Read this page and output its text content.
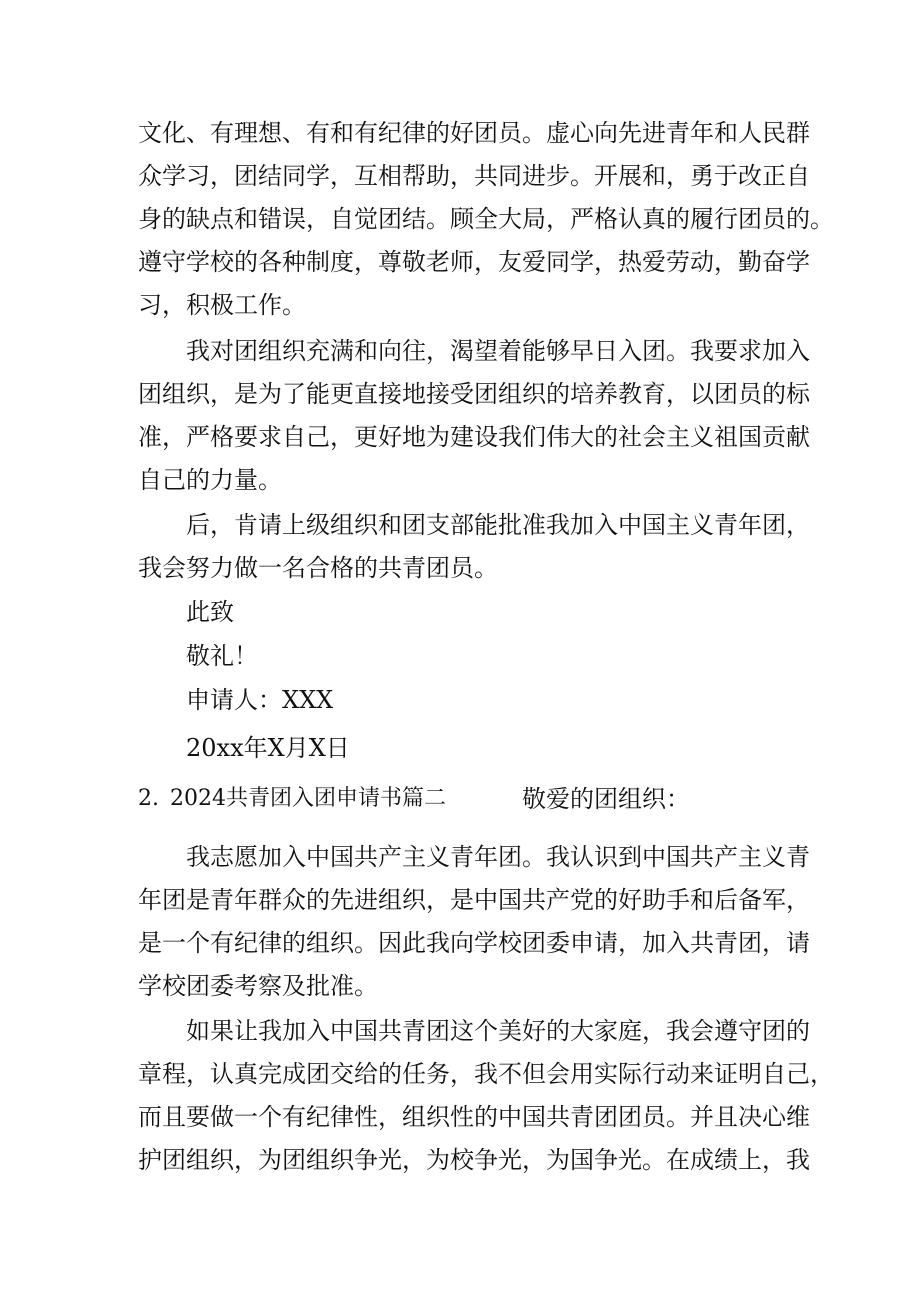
文化、有理想、有和有纪律的好团员。虚心向先进青年和人民群
众学习，团结同学，互相帮助，共同进步。开展和，勇于改正自
身的缺点和错误，自觉团结。顾全大局，严格认真的履行团员的。
遵守学校的各种制度，尊敬老师，友爱同学，热爱劳动，勤奋学
习，积极工作。
我对团组织充满和向往，渴望着能够早日入团。我要求加入
团组织，是为了能更直接地接受团组织的培养教育，以团员的标
准，严格要求自己，更好地为建设我们伟大的社会主义祖国贡献
自己的力量。
后，肯请上级组织和团支部能批准我加入中国主义青年团，
我会努力做一名合格的共青团员。
此致
敬礼！
申请人：XXX
20xx年X月X日
2. 2024共青团入团申请书篇二	敬爱的团组织：
我志愿加入中国共产主义青年团。我认识到中国共产主义青
年团是青年群众的先进组织，是中国共产党的好助手和后备军，
是一个有纪律的组织。因此我向学校团委申请，加入共青团，请
学校团委考察及批准。
如果让我加入中国共青团这个美好的大家庭，我会遵守团的
章程，认真完成团交给的任务，我不但会用实际行动来证明自己，
而且要做一个有纪律性，组织性的中国共青团团员。并且决心维
护团组织，为团组织争光，为校争光，为国争光。在成绩上，我
